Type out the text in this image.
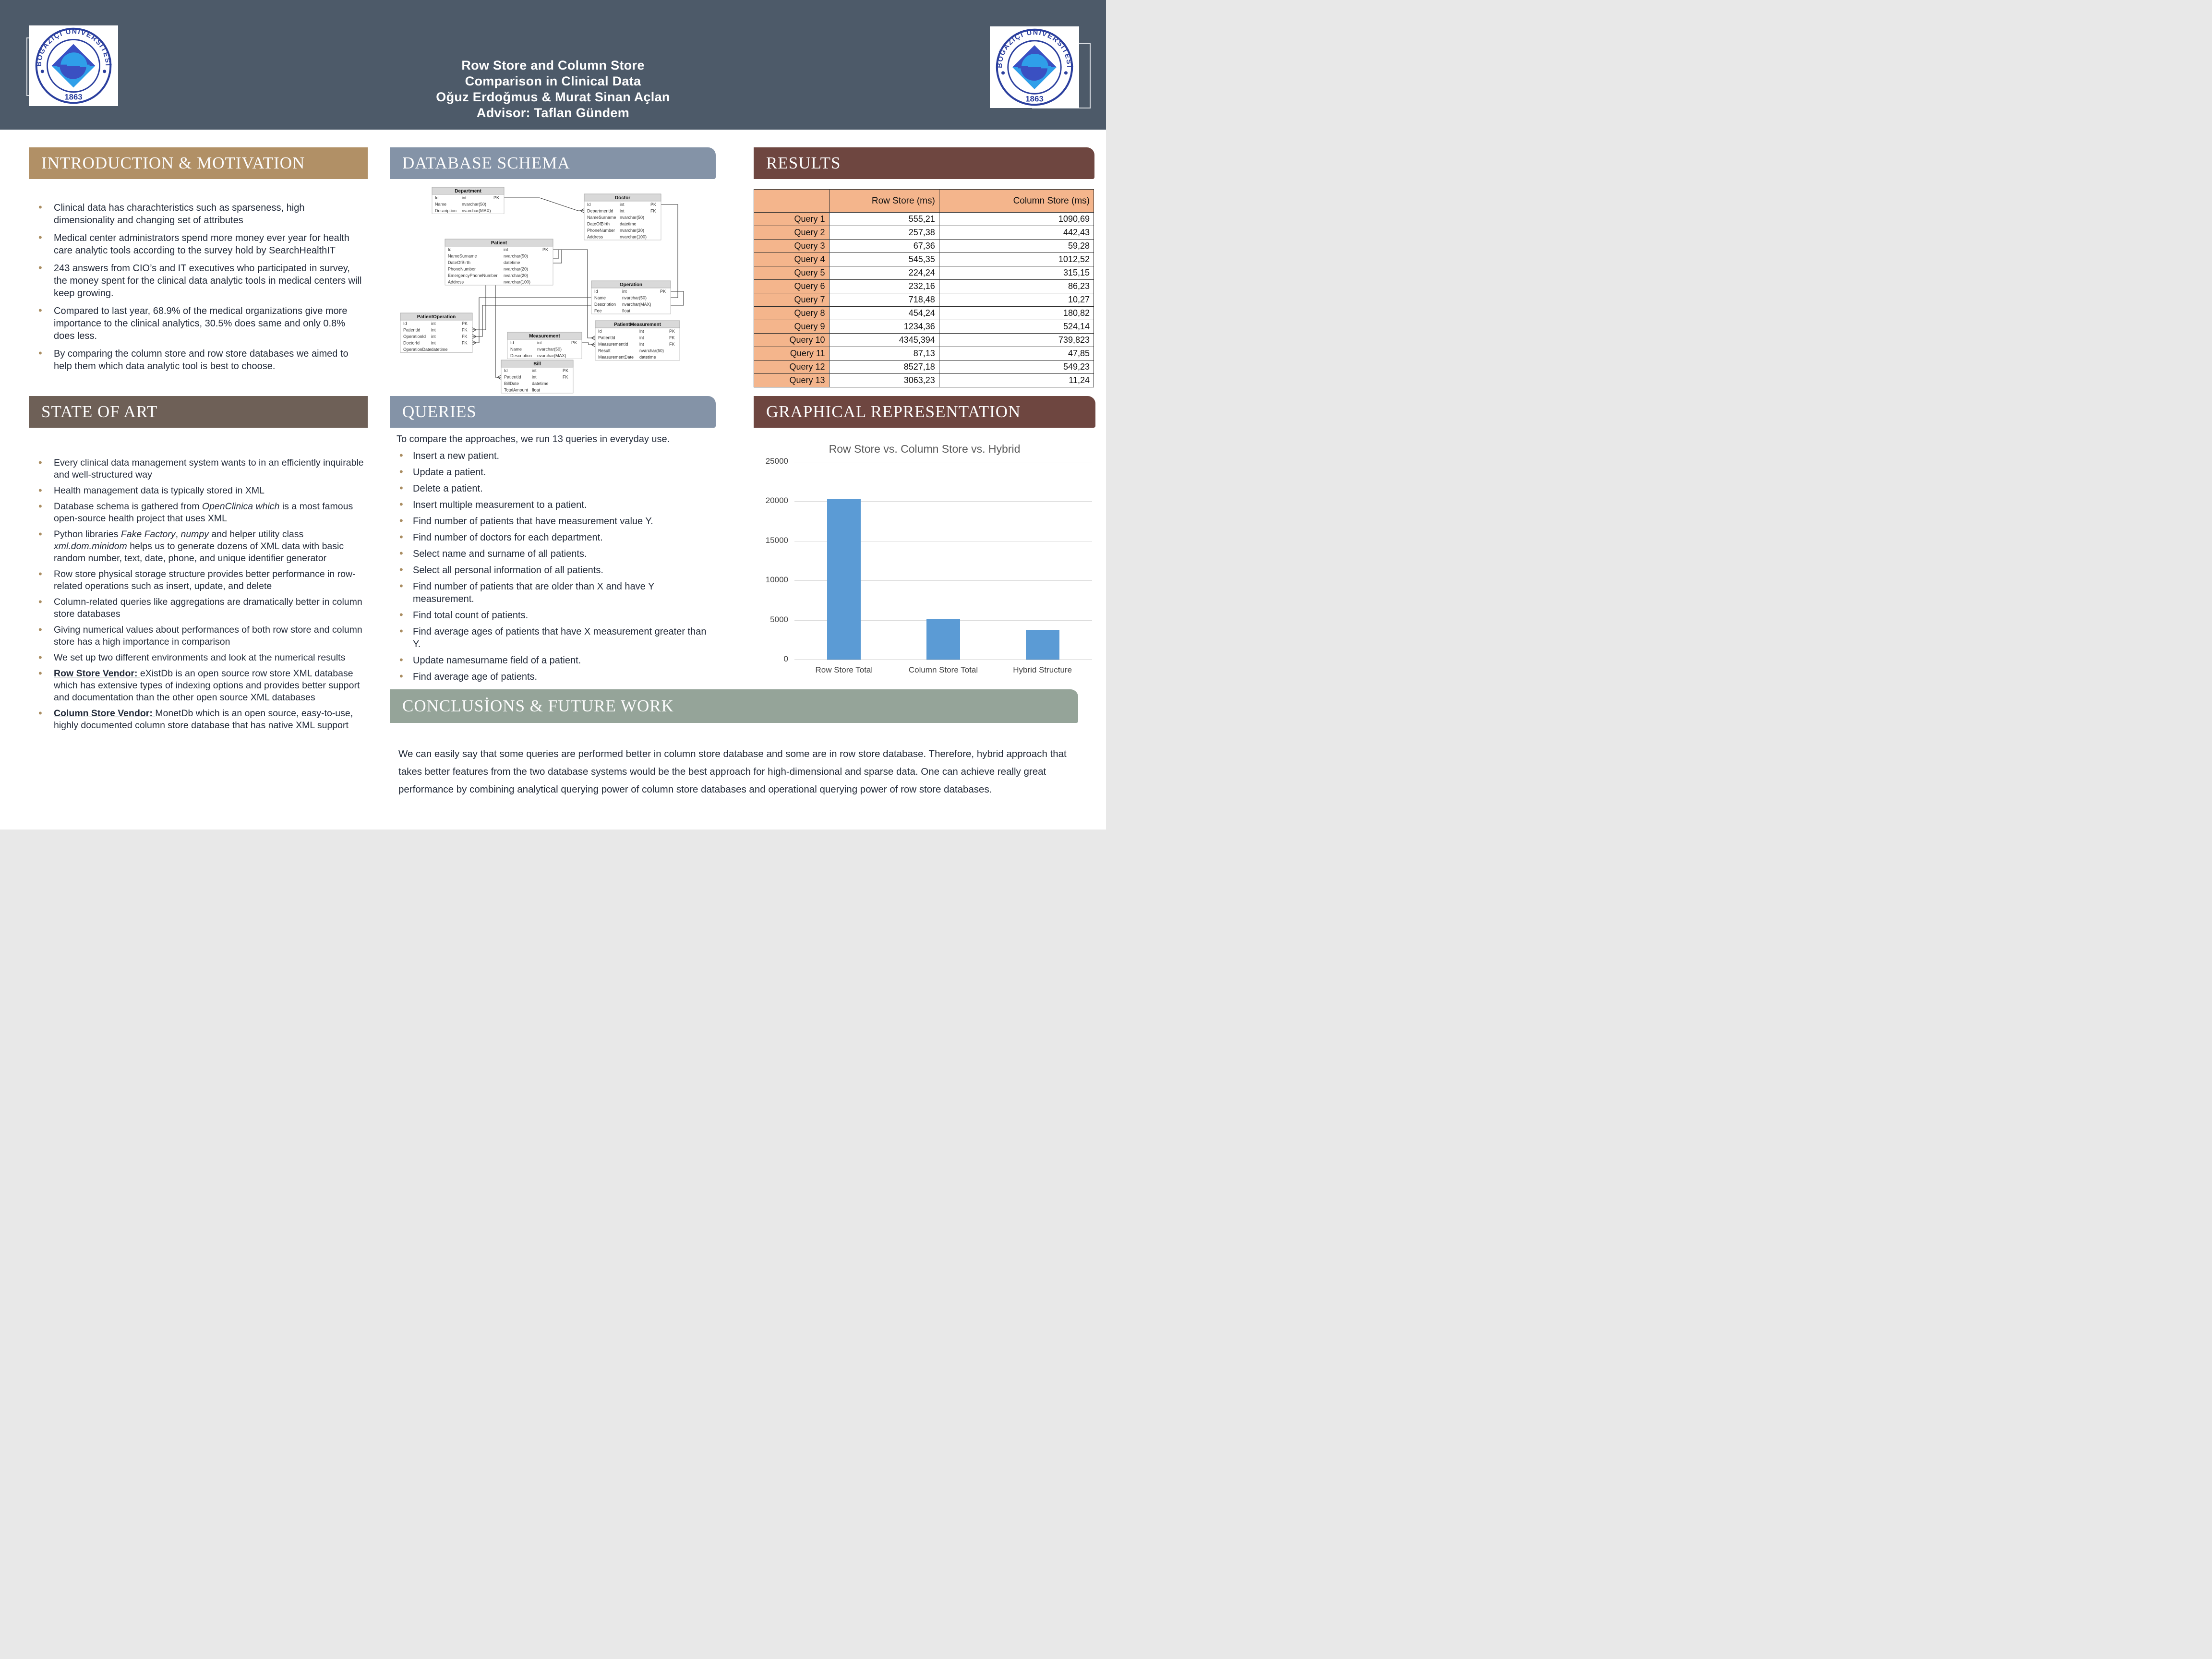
Row Store and Column Store
Comparison in Clinical Data
Oğuz Erdoğmus & Murat Sinan Açlan
Advisor: Taflan Gündem
INTRODUCTION & MOTIVATION
STATE OF ART
DATABASE SCHEMA
QUERIES
RESULTS
GRAPHICAL REPRESENTATION
CONCLUSİONS & FUTURE WORK
• Clinical data has charachteristics such as sparseness, high dimensionality and changing set of attributes
• Medical center administrators spend more money ever year for health care analytic tools according to the survey hold by SearchHealthIT
• 243 answers from CIO’s and IT executives who participated in survey, the money spent for the clinical data analytic tools in medical centers will keep growing.
• Compared to last year, 68.9% of the medical organizations give more importance to the clinical analytics, 30.5% does same and only 0.8% does less.
• By comparing the column store and row store databases we aimed to help them which data analytic tool is best to choose.
• Every clinical data management system wants to in an efficiently inquirable and well-structured way
• Health management data is typically stored in XML
• Database schema is gathered from OpenClinica which is a most famous open-source health project that uses XML
• Python libraries Fake Factory, numpy and helper utility class xml.dom.minidom helps us to generate dozens of XML data with basic random number, text, date, phone, and unique identifier generator
• Row store physical storage structure provides better performance in row-related operations such as insert, update, and delete
• Column-related queries like aggregations are dramatically better in column store databases
• Giving numerical values about performances of both row store and column store has a high importance in comparison
• We set up two different environments and look at the numerical results
• Row Store Vendor: eXistDb is an open source row store XML database which has extensive types of indexing options and provides better support and documentation than the other open source XML databases
• Column Store Vendor: MonetDb which is an open source, easy-to-use, highly documented column store database that has native XML support
Department
Id	int	PK
Name	nvarchar(50)
Description nvarchar(MAX)
Doctor
Id	int	PK
DepartmentId int	FK
NameSurname nvarchar(50)
DateOfBirth datetime
PhoneNumber nvarchar(20)
Address	nvarchar(100)
Patient
Id	int	PK
NameSurname	nvarchar(50)
DateOfBirth	datetime
PhoneNumber	nvarchar(20)
EmergencyPhoneNumber nvarchar(20)
Address	nvarchar(100)
Operation
Id	int	PK
Name	nvarchar(50)
Description nvarchar(MAX)
Fee	float
PatientOperation
Id	int	PK
PatientId int	FK
OperationId int	FK
DoctorId	int	FK
OperationDate datetime
PatientMeasurement
Id	int	PK
PatientId	int	FK
MeasurementId	int	FK
Result	nvarchar(50)
MeasurementDate datetime
Measurement
Id	int	PK
Name	nvarchar(50)
Description nvarchar(MAX)
Bill
Id	int	PK
PatientId int	FK
BillDate	datetime
TotalAmount float
To compare the approaches, we run 13 queries in everyday use.
• Insert a new patient.
• Update a patient.
• Delete a patient.
• Insert multiple measurement to a patient.
• Find number of patients that have measurement value Y.
• Find number of doctors for each department.
• Select name and surname of all patients.
• Select all personal information of all patients.
• Find number of patients that are older than X and have Y measurement.
• Find total count of patients.
• Find average ages of patients that have X measurement greater than Y.
• Update namesurname field of a patient.
• Find average age of patients.
	Row Store (ms)	Column Store (ms)
Query 1	555,21	1090,69
Query 2	257,38	442,43
Query 3	67,36	59,28
Query 4	545,35	1012,52
Query 5	224,24	315,15
Query 6	232,16	86,23
Query 7	718,48	10,27
Query 8	454,24	180,82
Query 9	1234,36	524,14
Query 10	4345,394	739,823
Query 11	87,13	47,85
Query 12	8527,18	549,23
Query 13	3063,23	11,24
Row Store vs. Column Store vs. Hybrid
0
5000
10000
15000
20000
25000
Row Store Total	Column Store Total	Hybrid Structure
We can easily say that some queries are performed better in column store database and some are in row store database. Therefore, hybrid approach that takes better features from the two database systems would be the best approach for high-dimensional and sparse data. One can achieve really great performance by combining analytical querying power of column store databases and operational querying power of row store databases.
